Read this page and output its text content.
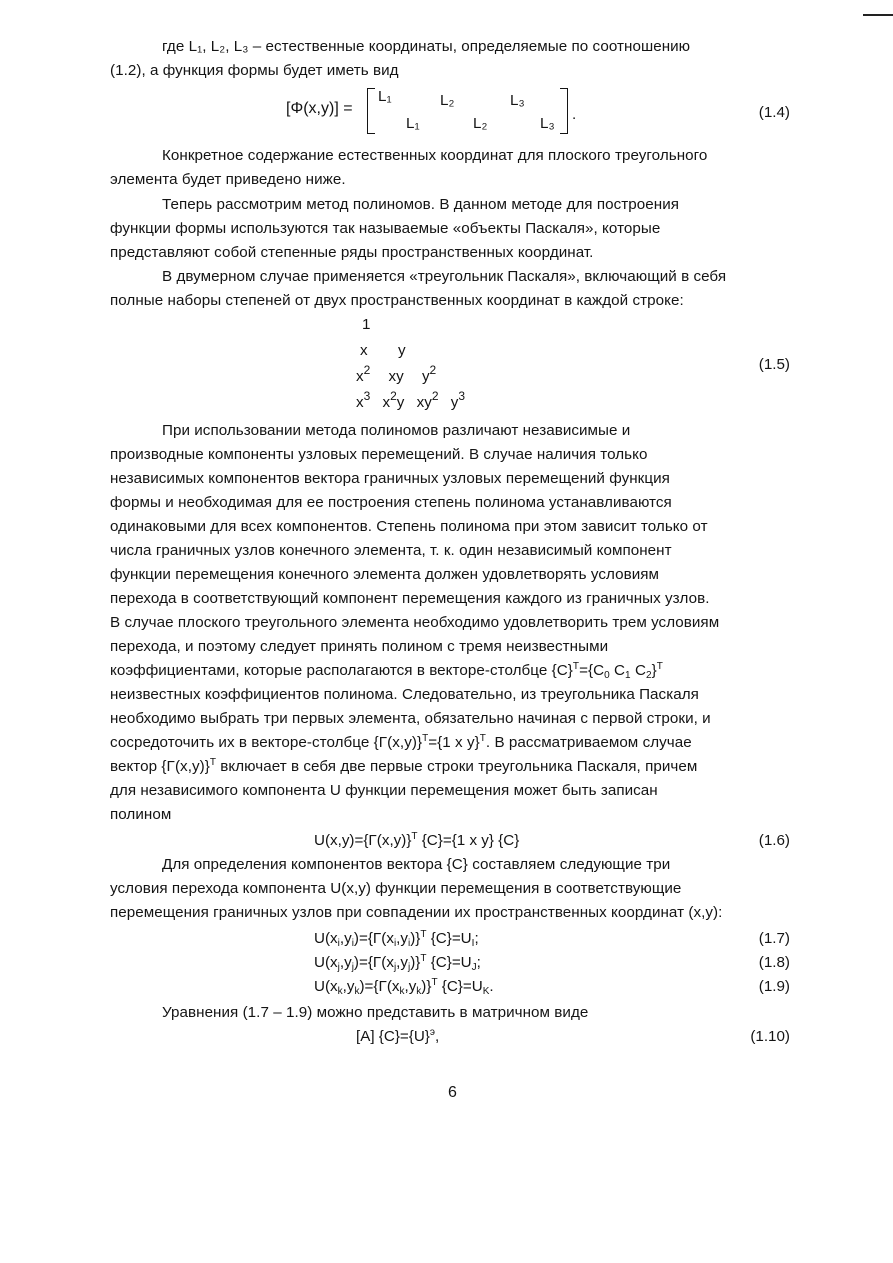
где L₁, L₂, L₃ – естественные координаты, определяемые по соотношению
(1.2), а функция формы будет иметь вид
[Φ(x,y)] =
L₁	L₂	L₃
L₁	L₂	L₃
.	(1.4)
Конкретное содержание естественных координат для плоского треугольного
элемента будет приведено ниже.
Теперь рассмотрим метод полиномов. В данном методе для построения
функции формы используются так называемые «объекты Паскаля», которые
представляют собой степенные ряды пространственных координат.
В двумерном случае применяется «треугольник Паскаля», включающий в себя
полные наборы степеней от двух пространственных координат в каждой строке:
1
x y
$x^2$ xy $y^2$	(1.5)
$x^3$ $x^2y$ $xy^2$ $y^3$
При использовании метода полиномов различают независимые и
производные компоненты узловых перемещений. В случае наличия только
независимых компонентов вектора граничных узловых перемещений функция
формы и необходимая для ее построения степень полинома устанавливаются
одинаковыми для всех компонентов. Степень полинома при этом зависит только от
числа граничных узлов конечного элемента, т. к. один независимый компонент
функции перемещения конечного элемента должен удовлетворять условиям
перехода в соответствующий компонент перемещения каждого из граничных узлов.
В случае плоского треугольного элемента необходимо удовлетворить трем условиям
перехода, и поэтому следует принять полином с тремя неизвестными
коэффициентами, которые располагаются в векторе-столбце $\{C\}^T=\{C_0$ $C_1$ $C_2\}^T$
неизвестных коэффициентов полинома. Следовательно, из треугольника Паскаля
необходимо выбрать три первых элемента, обязательно начиная с первой строки, и
сосредоточить их в векторе-столбце $\{\Gamma(x,y)\}^T=\{1$ x y}$^T$. В рассматриваемом случае
вектор $\{\Gamma(x,y)\}^T$ включает в себя две первые строки треугольника Паскаля, причем
для независимого компонента U функции перемещения может быть записан
полином
$U(x,y)=\{\Gamma(x,y)\}^T$ {C}={1 x y} {C}	(1.6)
Для определения компонентов вектора {C} составляем следующие три
условия перехода компонента U(x,y) функции перемещения в соответствующие
перемещения граничных узлов при совпадении их пространственных координат (x,y):
$U(x_i,y_i)=\{\Gamma(x_i,y_i)\}^T$ $\{C\}=U_I$;	(1.7)
$U(x_j,y_j)=\{\Gamma(x_j,y_j)\}^T$ $\{C\}=U_J$;	(1.8)
$U(x_k,y_k)=\{\Gamma(x_k,y_k)\}^T$ $\{C\}=U_K$.	(1.9)
Уравнения (1.7 – 1.9) можно представить в матричном виде
[A] $\{C\}=\{U\}^э$,	(1.10)
6
